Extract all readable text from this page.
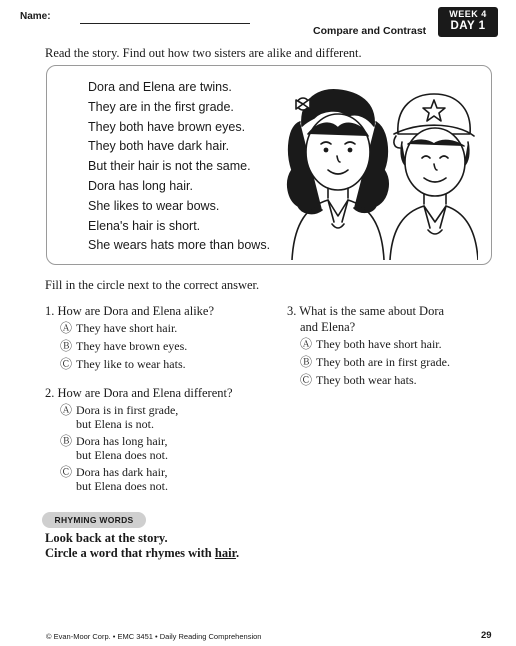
Name:
Compare and Contrast
WEEK 4
DAY 1
Read the story. Find out how two sisters are alike and different.
Dora and Elena are twins.
They are in the first grade.
They both have brown eyes.
They both have dark hair.
But their hair is not the same.
Dora has long hair.
She likes to wear bows.
Elena's hair is short.
She wears hats more than bows.
Fill in the circle next to the correct answer.
1. How are Dora and Elena alike?
Ⓐ They have short hair.
Ⓑ They have brown eyes.
Ⓒ They like to wear hats.
2. How are Dora and Elena different?
Ⓐ Dora is in first grade,
but Elena is not.
Ⓑ Dora has long hair,
but Elena does not.
Ⓒ Dora has dark hair,
but Elena does not.
3. What is the same about Dora
and Elena?
Ⓐ They both have short hair.
Ⓑ They both are in first grade.
Ⓒ They both wear hats.
RHYMING WORDS
Look back at the story.
Circle a word that rhymes with hair.
© Evan-Moor Corp. • EMC 3451 • Daily Reading Comprehension	29
